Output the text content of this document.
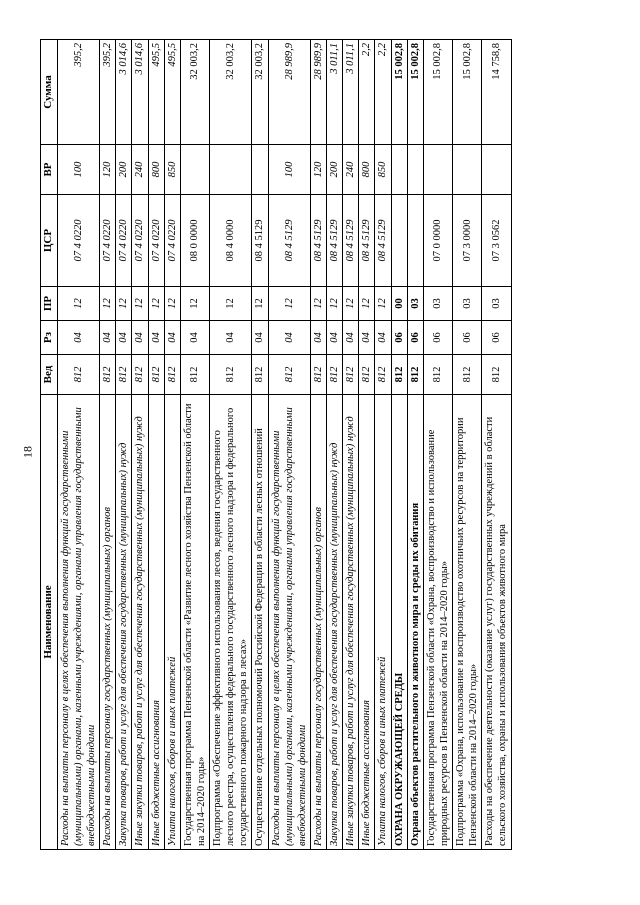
18
Наименование	Вед	Рз	ПР	ЦСР	ВР	Сумма
Расходы на выплаты персоналу в целях обеспечения выполнения функций государственными (муниципальными) органами, казенными учреждениями, органами управления государственными внебюджетными фондами	812	04	12	07 4 0220	100	395,2
Расходы на выплаты персоналу государственных (муниципальных) органов	812	04	12	07 4 0220	120	395,2
Закупка товаров, работ и услуг для обеспечения государственных (муниципальных) нужд	812	04	12	07 4 0220	200	3 014,6
Иные закупки товаров, работ и услуг для обеспечения государственных (муниципальных) нужд	812	04	12	07 4 0220	240	3 014,6
Иные бюджетные ассигнования	812	04	12	07 4 0220	800	495,5
Уплата налогов, сборов и иных платежей	812	04	12	07 4 0220	850	495,5
Государственная программа Пензенской области «Развитие лесного хозяйства Пензенской области на 2014–2020 годы»	812	04	12	08 0 0000		32 003,2
Подпрограмма «Обеспечение эффективного использования лесов, ведения государственного лесного реестра, осуществления федерального государственного лесного надзора и федерального государственного пожарного надзора в лесах»	812	04	12	08 4 0000		32 003,2
Осуществление отдельных полномочий Российской Федерации в области лесных отношений	812	04	12	08 4 5129		32 003,2
Расходы на выплаты персоналу в целях обеспечения выполнения функций государственными (муниципальными) органами, казенными учреждениями, органами управления государственными внебюджетными фондами	812	04	12	08 4 5129	100	28 989,9
Расходы на выплаты персоналу государственных (муниципальных) органов	812	04	12	08 4 5129	120	28 989,9
Закупка товаров, работ и услуг для обеспечения государственных (муниципальных) нужд	812	04	12	08 4 5129	200	3 011,1
Иные закупки товаров, работ и услуг для обеспечения государственных (муниципальных) нужд	812	04	12	08 4 5129	240	3 011,1
Иные бюджетные ассигнования	812	04	12	08 4 5129	800	2,2
Уплата налогов, сборов и иных платежей	812	04	12	08 4 5129	850	2,2
ОХРАНА ОКРУЖАЮЩЕЙ СРЕДЫ	812	06	00			15 002,8
Охрана объектов растительного и животного мира и среды их обитания	812	06	03			15 002,8
Государственная программа Пензенской области «Охрана, воспроизводство и использование природных ресурсов в Пензенской области на 2014–2020 годы»	812	06	03	07 0 0000		15 002,8
Подпрограмма «Охрана, использование и воспроизводство охотничьих ресурсов на территории Пензенской области на 2014–2020 годы»	812	06	03	07 3 0000		15 002,8
Расходы на обеспечение деятельности (оказание услуг) государственных учреждений в области сельского хозяйства, охраны и использования объектов животного мира	812	06	03	07 3 0562		14 758,8
